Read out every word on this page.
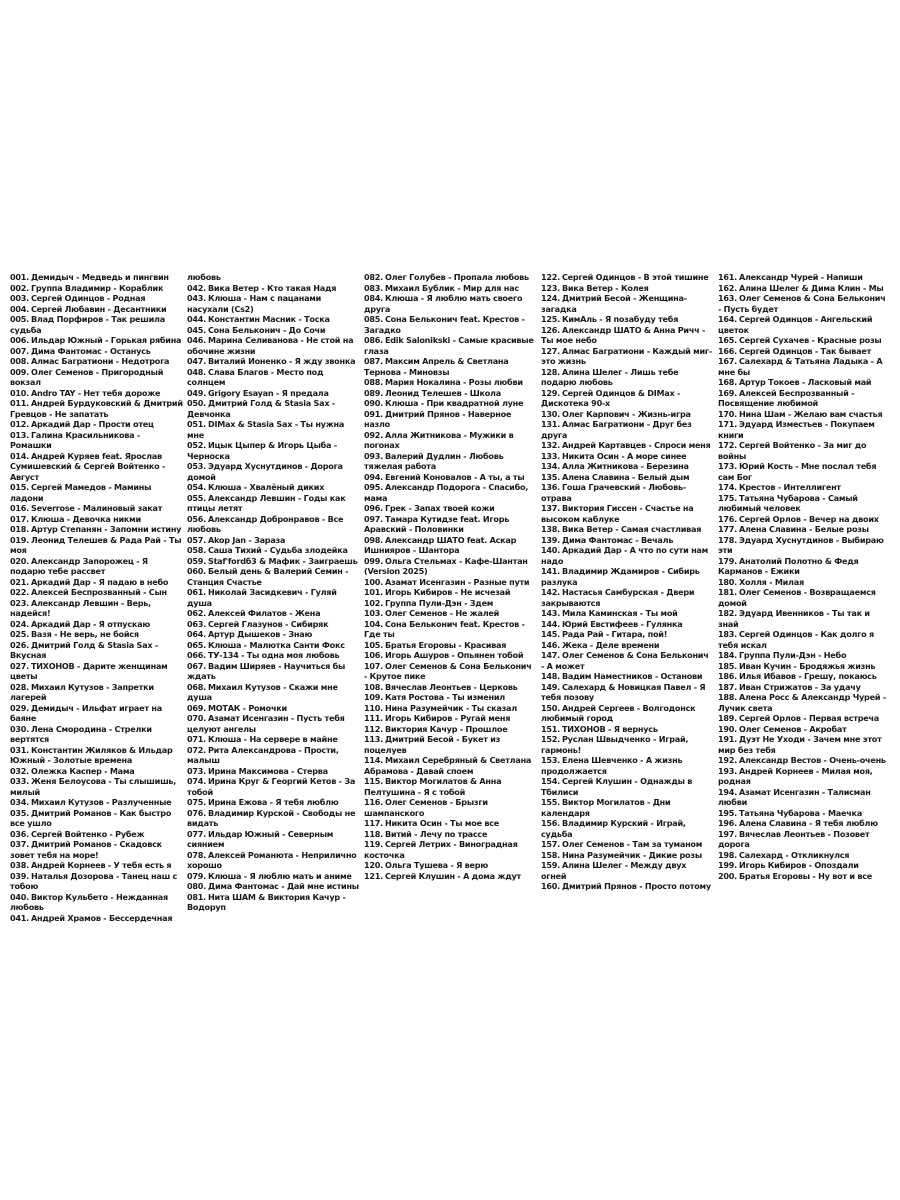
001. Демидыч - Медведь и пингвин
002. Группа Владимир - Кораблик
003. Сергей Одинцов - Родная
004. Сергей Любавин - Десантники
005. Влад Порфиров - Так решила судьба
006. Ильдар Южный - Горькая рябина
007. Дима Фантомас - Останусь
008. Алмас Багратиони - Недотрога
009. Олег Семенов - Пригородный вокзал
010. Andro TAY - Нет тебя дороже
011. Андрей Бурдуковский & Дмитрий Гревцов - Не запатать
012. Аркадий Дар - Прости отец
013. Галина Красильникова - Ромашки
014. Андрей Куряев feat. Ярослав Сумишевский & Сергей Войтенко - Август
015. Сергей Мамедов - Мамины ладони
016. Severrose - Малиновый закат
017. Клюша - Девочка никми
018. Артур Степанян - Запомни истину
019. Леонид Телешев & Рада Рай - Ты моя
020. Александр Запорожец - Я подарю тебе рассвет
021. Аркадий Дар - Я падаю в небо
022. Алексей Беспрозванный - Сын
023. Александр Левшин - Верь, надейся!
024. Аркадий Дар - Я отпускаю
025. Вазя - Не верь, не бойся
026. Дмитрий Голд & Stasia Sax - Вкусная
027. ТИХОНОВ - Дарите женщинам цветы
028. Михаил Кутузов - Запретки лагерей
029. Демидыч - Ильфат играет на баяне
030. Лена Смородина - Стрелки вертятся
031. Константин Жиляков & Ильдар Южный - Золотые времена
032. Олежка Каспер - Мама
033. Женя Белоусова - Ты слышишь, милый
034. Михаил Кутузов - Разлученные
035. Дмитрий Романов - Как быстро все ушло
036. Сергей Войтенко - Рубеж
037. Дмитрий Романов - Скадовск зовет тебя на море!
038. Андрей Корнеев - У тебя есть я
039. Наталья Дозорова - Танец наш с тобою
040. Виктор Кульбето - Нежданная любовь
041. Андрей Храмов - Бессердечная
любовь
042. Вика Ветер - Кто такая Надя
043. Клюша - Нам с пацанами насухали (Cs2)
044. Константин Масник - Тоска
045. Сона Бельконич - До Сочи
046. Марина Селиванова - Не стой на обочине жизни
047. Виталий Ионенко - Я жду звонка
048. Слава Благов - Место под солнцем
049. Grigory Esayan - Я предала
050. Дмитрий Голд & Stasia Sax - Девчонка
051. DIMax & Stasia Sax - Ты нужна мне
052. Ицык Цыпер & Игорь Цыба - Черноска
053. Эдуард Хуснутдинов - Дорога домой
054. Клюша - Хвалёный диких
055. Александр Левшин - Годы как птицы летят
056. Александр Добронравов - Все любовь
057. Akop Jan - Зараза
058. Саша Тихий - Судьба злодейка
059. Staf'fordб3 & Мафик - Заиграешь
060. Белый день & Валерий Семин - Станция Счастье
061. Николай Засидкевич - Гуляй душа
062. Алексей Филатов - Жена
063. Сергей Глазунов - Сибиряк
064. Артур Дышеков - Знаю
065. Клюша - Малютка Санти Фокс
066. ТУ-134 - Ты одна моя любовь
067. Вадим Ширяев - Научиться бы ждать
068. Михаил Кутузов - Скажи мне душа
069. МОТАК - Ромочки
070. Азамат Исенгазин - Пусть тебя целуют ангелы
071. Клюша - На сервере в майне
072. Рита Александрова - Прости, малыш
073. Ирина Максимова - Стерва
074. Ирина Круг & Георгий Кетов - За тобой
075. Ирина Ежова - Я тебя люблю
076. Владимир Курской - Свободы не видать
077. Ильдар Южный - Северным сиянием
078. Алексей Романюта - Неприлично хорошо
079. Клюша - Я люблю мать и аниме
080. Дима Фантомас - Дай мне истины
081. Нита ШАМ & Виктория Качур - Водоруп
082. Олег Голубев - Пропала любовь
083. Михаил Бублик - Мир для нас
084. Клюша - Я люблю мать своего друга
085. Сона Бельконич feat. Крестов - Загадко
086. Edik Salonikski - Самые красивые глаза
087. Максим Апрель & Светлана Тернова - Миновзы
088. Мария Нокалина - Розы любви
089. Леонид Телешев - Школа
090. Клюша - При квадратной луне
091. Дмитрий Прянов - Наверное назло
092. Алла Житникова - Мужики в погонах
093. Валерий Дудлин - Любовь тяжелая работа
094. Евгений Коновалов - А ты, а ты
095. Александр Подорога - Спасибо, мама
096. Грек - Запах твоей кожи
097. Тамара Кутидзе feat. Игорь Аравский - Половинки
098. Александр ШАТО feat. Аскар Ишнияров - Шантора
099. Ольга Стельмах - Кафе-Шантан (Version 2025)
100. Азамат Исенгазин - Разные пути
101. Игорь Кибиров - Не исчезай
102. Группа Пули-Дэн - Здем
103. Олег Семенов - Не жалей
104. Сона Бельконич feat. Крестов - Где ты
105. Братья Егоровы - Красивая
106. Игорь Ашуров - Опьянен тобой
107. Олег Семенов & Сона Бельконич - Крутое пике
108. Вячеслав Леонтьев - Церковь
109. Катя Ростова - Ты изменил
110. Нина Разумейчик - Ты сказал
111. Игорь Кибиров - Ругай меня
112. Виктория Качур - Прошлое
113. Дмитрий Бесой - Букет из поцелуев
114. Михаил Серебряный & Светлана Абрамова - Давай споем
115. Виктор Могилатов & Анна Пелтушина - Я с тобой
116. Олег Семенов - Брызги шампанского
117. Никита Осин - Ты мое все
118. Витий - Лечу по трассе
119. Сергей Летрих - Виноградная косточка
120. Ольга Тушева - Я верю
121. Сергей Клушин - А дома ждут
122. Сергей Одинцов - В этой тишине
123. Вика Ветер - Колея
124. Дмитрий Бесой - Женщина-загадка
125. КимАль - Я позабуду тебя
126. Александр ШАТО & Анна Ричч - Ты мое небо
127. Алмас Багратиони - Каждый миг-это жизнь
128. Алина Шелег - Лишь тебе подарю любовь
129. Сергей Одинцов & DIMax - Дискотека 90-х
130. Олег Карпович - Жизнь-игра
131. Алмас Багратиони - Друг без друга
132. Андрей Картавцев - Спроси меня
133. Никита Осин - А море синее
134. Алла Житникова - Березина
135. Алена Славина - Белый дым
136. Гоша Грачевский - Любовь-отрава
137. Виктория Гиссен - Счастье на высоком каблуке
138. Вика Ветер - Самая счастливая
139. Дима Фантомас - Вечаль
140. Аркадий Дар - А что по сути нам надо
141. Владимир Ждамиров - Сибирь разлука
142. Настасья Самбурская - Двери закрываются
143. Мила Каминская - Ты мой
144. Юрий Евстифеев - Гулянка
145. Рада Рай - Гитара, пой!
146. Жека - Деле времени
147. Олег Семенов & Сона Бельконич - А может
148. Вадим Наместников - Останови
149. Салехард & Новицкая Павел - Я тебя позову
150. Андрей Сергеев - Волгодонск любимый город
151. ТИХОНОВ - Я вернусь
152. Руслан Швыдченко - Играй, гармонь!
153. Елена Шевченко - А жизнь продолжается
154. Сергей Клушин - Однажды в Тбилиси
155. Виктор Могилатов - Дни календаря
156. Владимир Курский - Играй, судьба
157. Олег Семенов - Там за туманом
158. Нина Разумейчик - Дикие розы
159. Алина Шелег - Между двух огней
160. Дмитрий Прянов - Просто потому
161. Александр Чурей - Напиши
162. Алина Шелег & Дима Клин - Мы
163. Олег Семенов & Сона Бельконич - Пусть будет
164. Сергей Одинцов - Ангельский цветок
165. Сергей Сухачев - Красные розы
166. Сергей Одинцов - Так бывает
167. Салехард & Татьяна Ладыка - А мне бы
168. Артур Токоев - Ласковый май
169. Алексей Беспрозванный - Посвящение любимой
170. Нина Шам - Желаю вам счастья
171. Эдуард Изместьев - Покупаем книги
172. Сергей Войтенко - За миг до войны
173. Юрий Кость - Мне послал тебя сам Бог
174. Крестов - Интеллигент
175. Татьяна Чубарова - Самый любимый человек
176. Сергей Орлов - Вечер на двоих
177. Алена Славина - Белые розы
178. Эдуард Хуснутдинов - Выбираю эти
179. Анатолий Полотно & Федя Карманов - Ежики
180. Холля - Милая
181. Олег Семенов - Возвращаемся домой
182. Эдуард Ивенников - Ты так и знай
183. Сергей Одинцов - Как долго я тебя искал
184. Группа Пули-Дэн - Небо
185. Иван Кучин - Бродяжья жизнь
186. Илья Ибавов - Грешу, покаюсь
187. Иван Стрижатов - За удачу
188. Алена Росс & Александр Чурей - Лучик света
189. Сергей Орлов - Первая встреча
190. Олег Семенов - Акробат
191. Дуэт Не Уходи - Зачем мне этот мир без тебя
192. Александр Вестов - Очень-очень
193. Андрей Корнеев - Милая моя, родная
194. Азамат Исенгазин - Талисман любви
195. Татьяна Чубарова - Маечка
196. Алена Славина - Я тебя люблю
197. Вячеслав Леонтьев - Позовет дорога
198. Салехард - Откликнулся
199. Игорь Кибиров - Опоздали
200. Братья Егоровы - Ну вот и все
